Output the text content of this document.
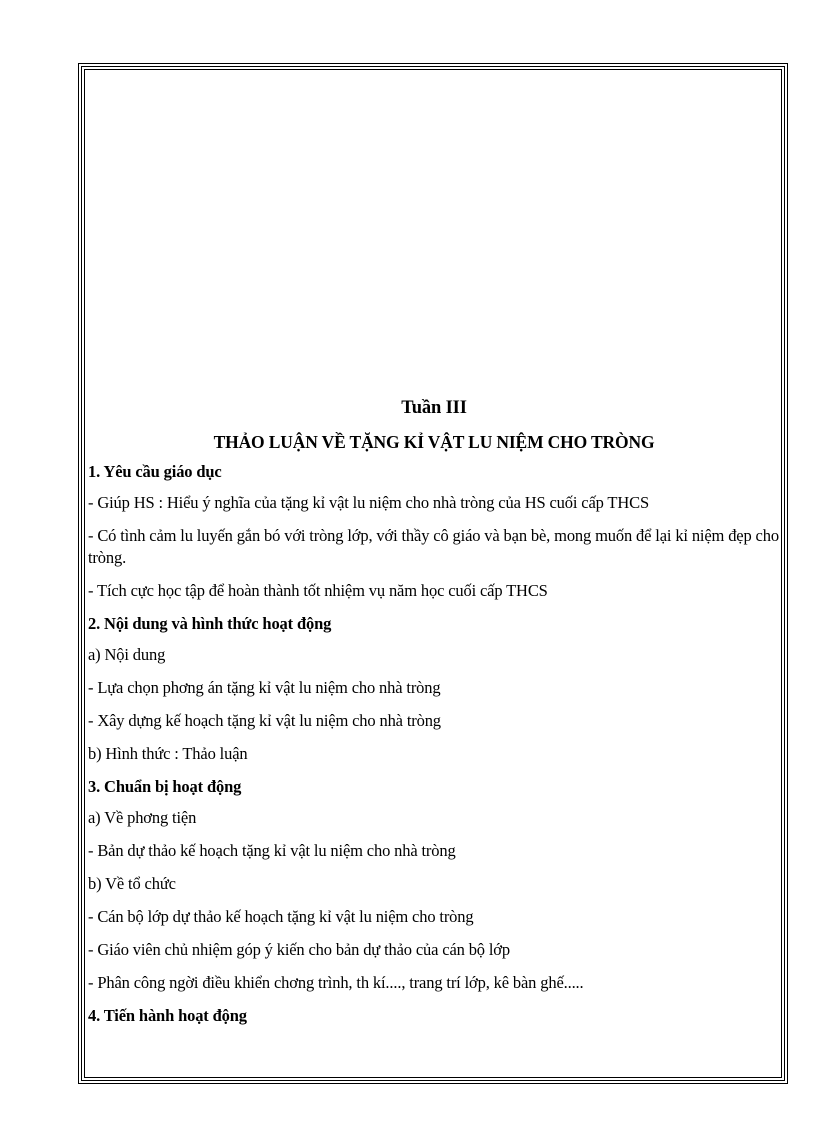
Tuần III
THẢO LUẬN VỀ TẶNG KỈ VẬT LU NIỆM CHO TRÒNG
1. Yêu cầu giáo dục
- Giúp HS : Hiểu ý nghĩa của tặng kỉ vật lu niệm cho nhà tròng của HS cuối cấp THCS
- Có tình cảm lu luyến gắn bó với tròng lớp, với thầy cô giáo và bạn bè, mong muốn để lại kỉ niệm đẹp cho tròng.
- Tích cực học tập để hoàn thành tốt nhiệm vụ năm học cuối cấp THCS
2. Nội dung và hình thức hoạt động
a) Nội dung
- Lựa chọn phơng án tặng kỉ vật lu niệm cho nhà tròng
- Xây dựng kế hoạch tặng kỉ vật lu niệm cho nhà tròng
b) Hình thức : Thảo luận
3. Chuẩn bị hoạt động
a) Về phơng tiện
- Bản dự thảo kế hoạch tặng kỉ vật lu niệm cho nhà tròng
b) Về tổ chức
- Cán bộ lớp dự thảo kế hoạch tặng kỉ vật lu niệm cho tròng
- Giáo viên chủ nhiệm góp ý kiến cho bản dự thảo của cán bộ lớp
- Phân công ngời điều khiển chơng trình, th kí...., trang trí lớp, kê bàn ghế.....
4. Tiến hành hoạt động
